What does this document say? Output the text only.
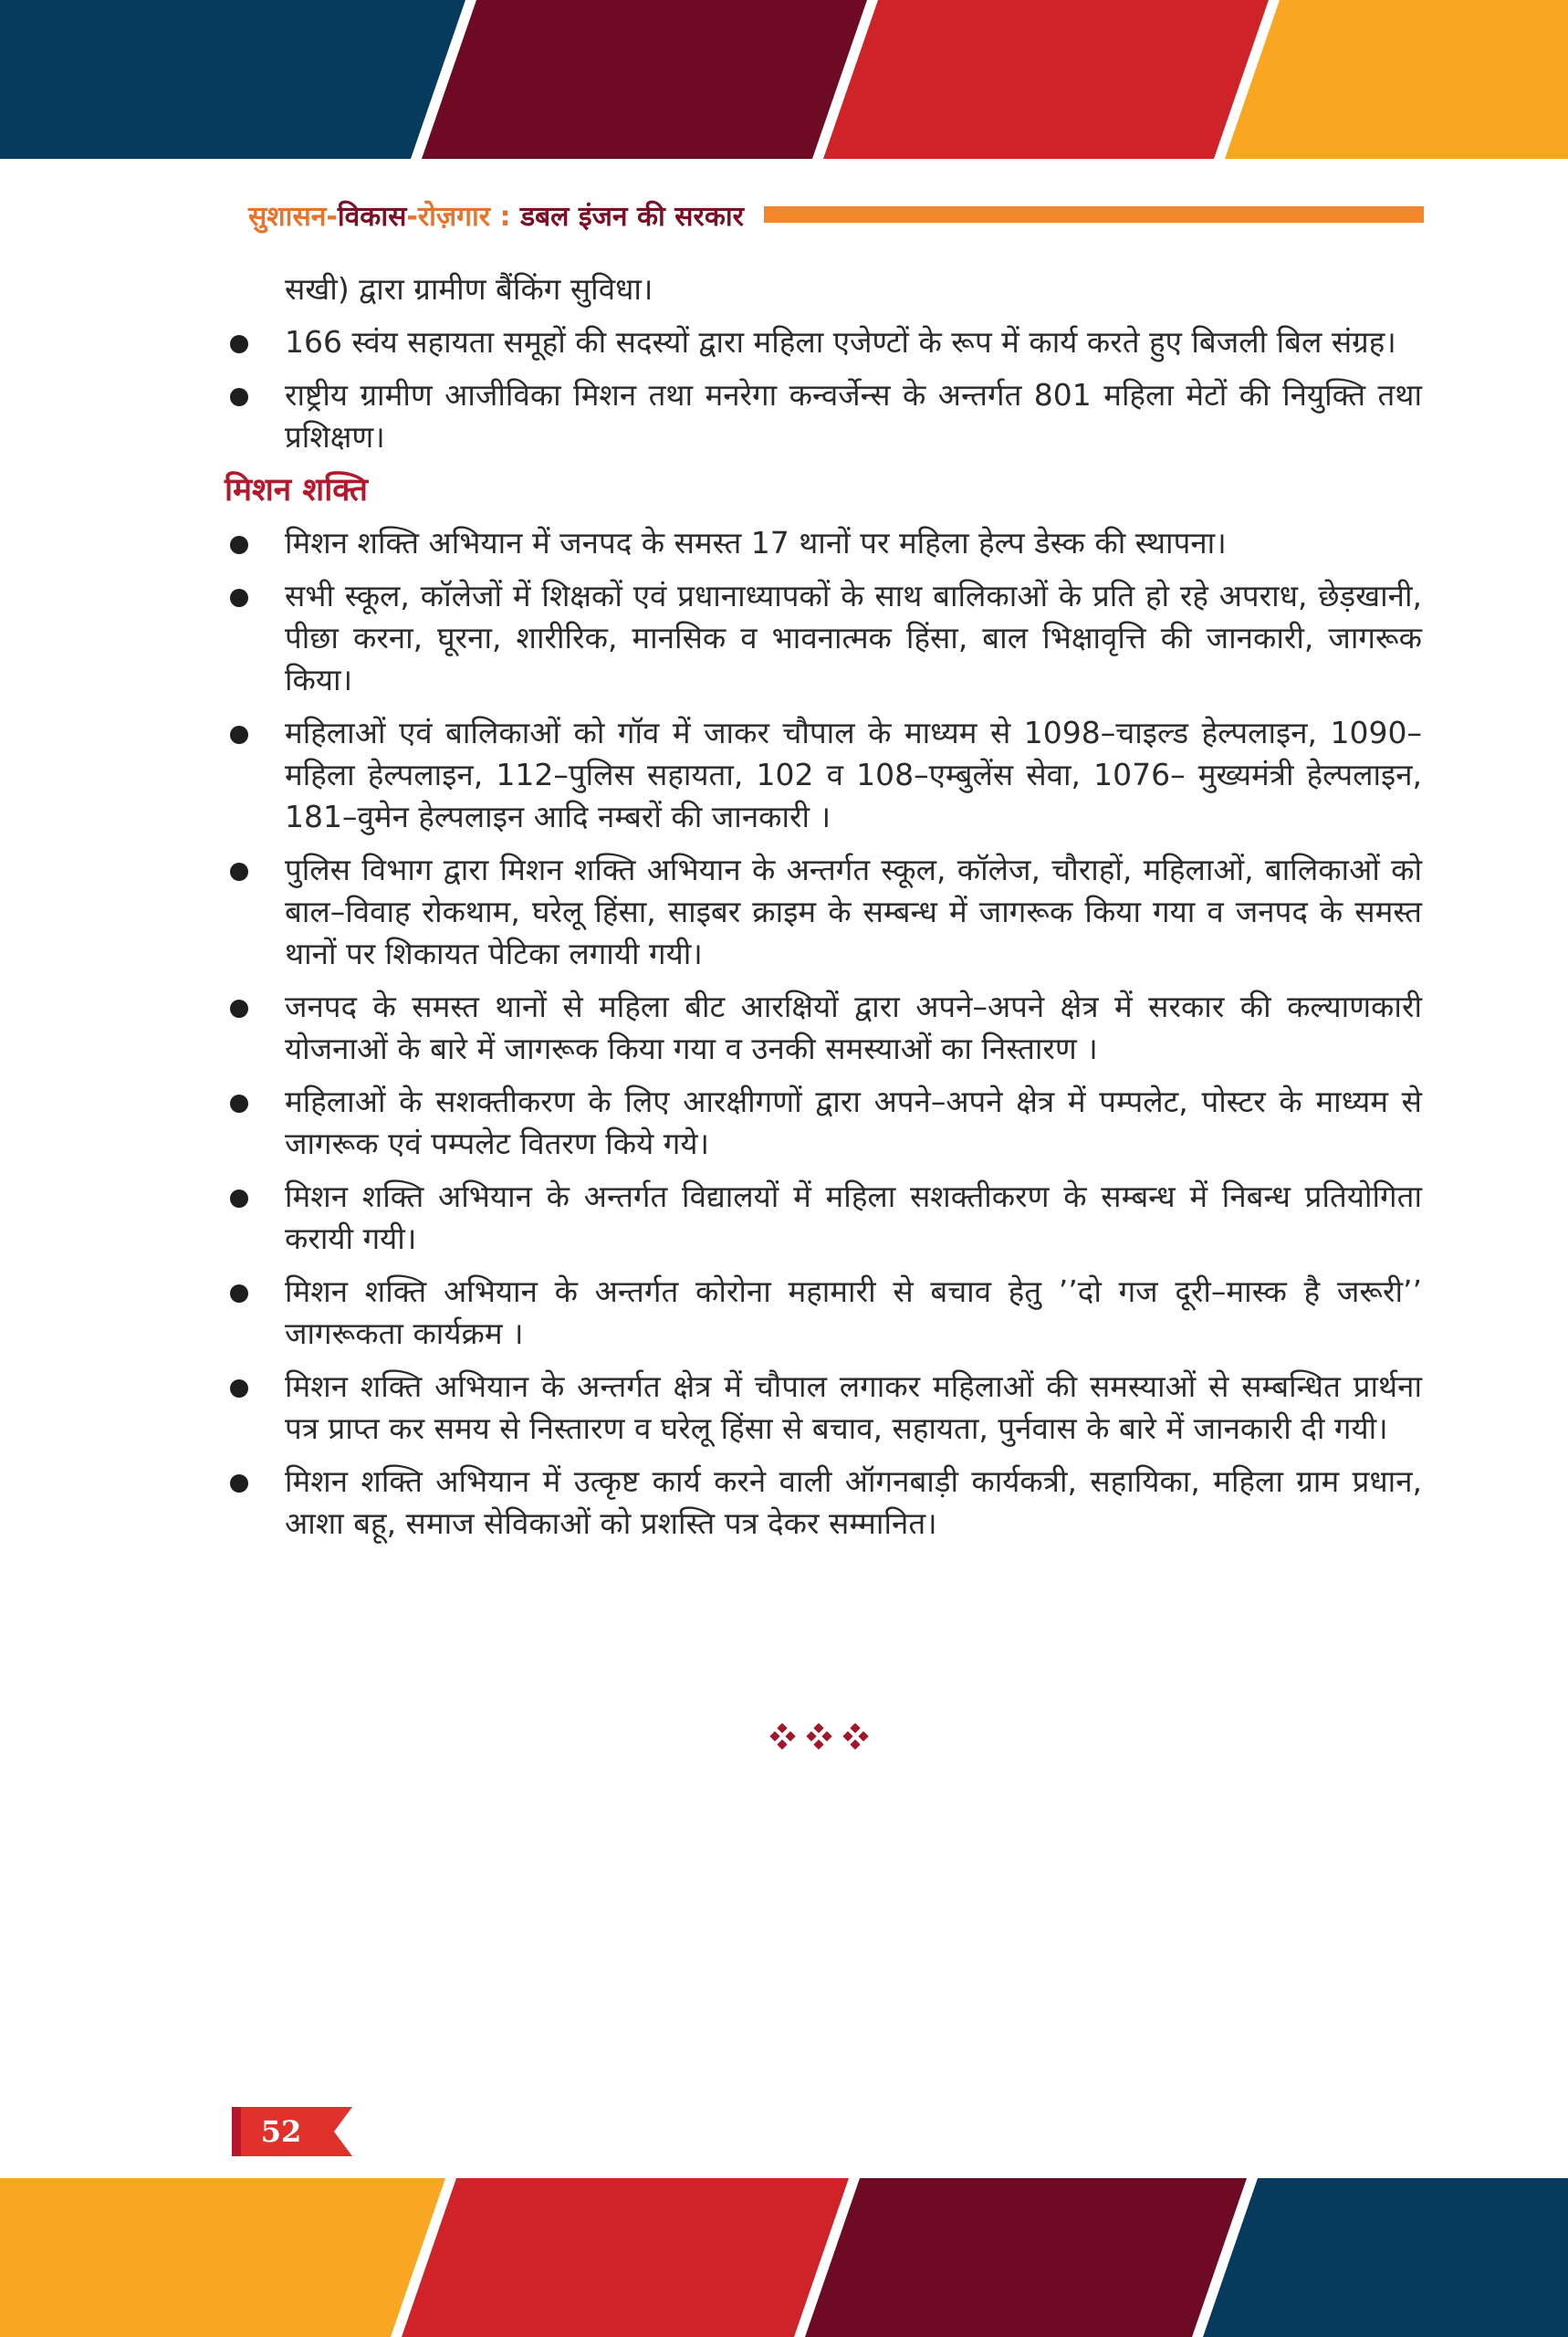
सुशासन-विकास-रोज़गार : डबल इंजन की सरकार
सखी) द्वारा ग्रामीण बैंकिंग सुविधा।
166 स्वंय सहायता समूहों की सदस्यों द्वारा महिला एजेण्टों के रूप में कार्य करते हुए बिजली बिल संग्रह।
राष्ट्रीय ग्रामीण आजीविका मिशन तथा मनरेगा कन्वर्जेन्स के अन्तर्गत 801 महिला मेटों की नियुक्ति तथा प्रशिक्षण।
मिशन शक्ति
मिशन शक्ति अभियान में जनपद के समस्त 17 थानों पर महिला हेल्प डेस्क की स्थापना।
सभी स्कूल, कॉलेजों में शिक्षकों एवं प्रधानाध्यापकों के साथ बालिकाओं के प्रति हो रहे अपराध, छेड़खानी, पीछा करना, घूरना, शारीरिक, मानसिक व भावनात्मक हिंसा, बाल भिक्षावृत्ति की जानकारी, जागरूक किया।
महिलाओं एवं बालिकाओं को गॉव में जाकर चौपाल के माध्यम से 1098–चाइल्ड हेल्पलाइन, 1090–महिला हेल्पलाइन, 112–पुलिस सहायता, 102 व 108–एम्बुलेंस सेवा, 1076– मुख्यमंत्री हेल्पलाइन, 181–वुमेन हेल्पलाइन आदि नम्बरों की जानकारी ।
पुलिस विभाग द्वारा मिशन शक्ति अभियान के अन्तर्गत स्कूल, कॉलेज, चौराहों, महिलाओं, बालिकाओं को बाल–विवाह रोकथाम, घरेलू हिंसा, साइबर क्राइम के सम्बन्ध में जागरूक किया गया व जनपद के समस्त थानों पर शिकायत पेटिका लगायी गयी।
जनपद के समस्त थानों से महिला बीट आरक्षियों द्वारा अपने–अपने क्षेत्र में सरकार की कल्याणकारी योजनाओं के बारे में जागरूक किया गया व उनकी समस्याओं का निस्तारण ।
महिलाओं के सशक्तीकरण के लिए आरक्षीगणों द्वारा अपने–अपने क्षेत्र में पम्पलेट, पोस्टर के माध्यम से जागरूक एवं पम्पलेट वितरण किये गये।
मिशन शक्ति अभियान के अन्तर्गत विद्यालयों में महिला सशक्तीकरण के सम्बन्ध में निबन्ध प्रतियोगिता करायी गयी।
मिशन शक्ति अभियान के अन्तर्गत कोरोना महामारी से बचाव हेतु ’’दो गज दूरी–मास्क है जरूरी’’ जागरूकता कार्यक्रम ।
मिशन शक्ति अभियान के अन्तर्गत क्षेत्र में चौपाल लगाकर महिलाओं की समस्याओं से सम्बन्धित प्रार्थना पत्र प्राप्त कर समय से निस्तारण व घरेलू हिंसा से बचाव, सहायता, पुर्नवास के बारे में जानकारी दी गयी।
मिशन शक्ति अभियान में उत्कृष्ट कार्य करने वाली ऑगनबाड़ी कार्यकत्री, सहायिका, महिला ग्राम प्रधान, आशा बहू, समाज सेविकाओं को प्रशस्ति पत्र देकर सम्मानित।
52
